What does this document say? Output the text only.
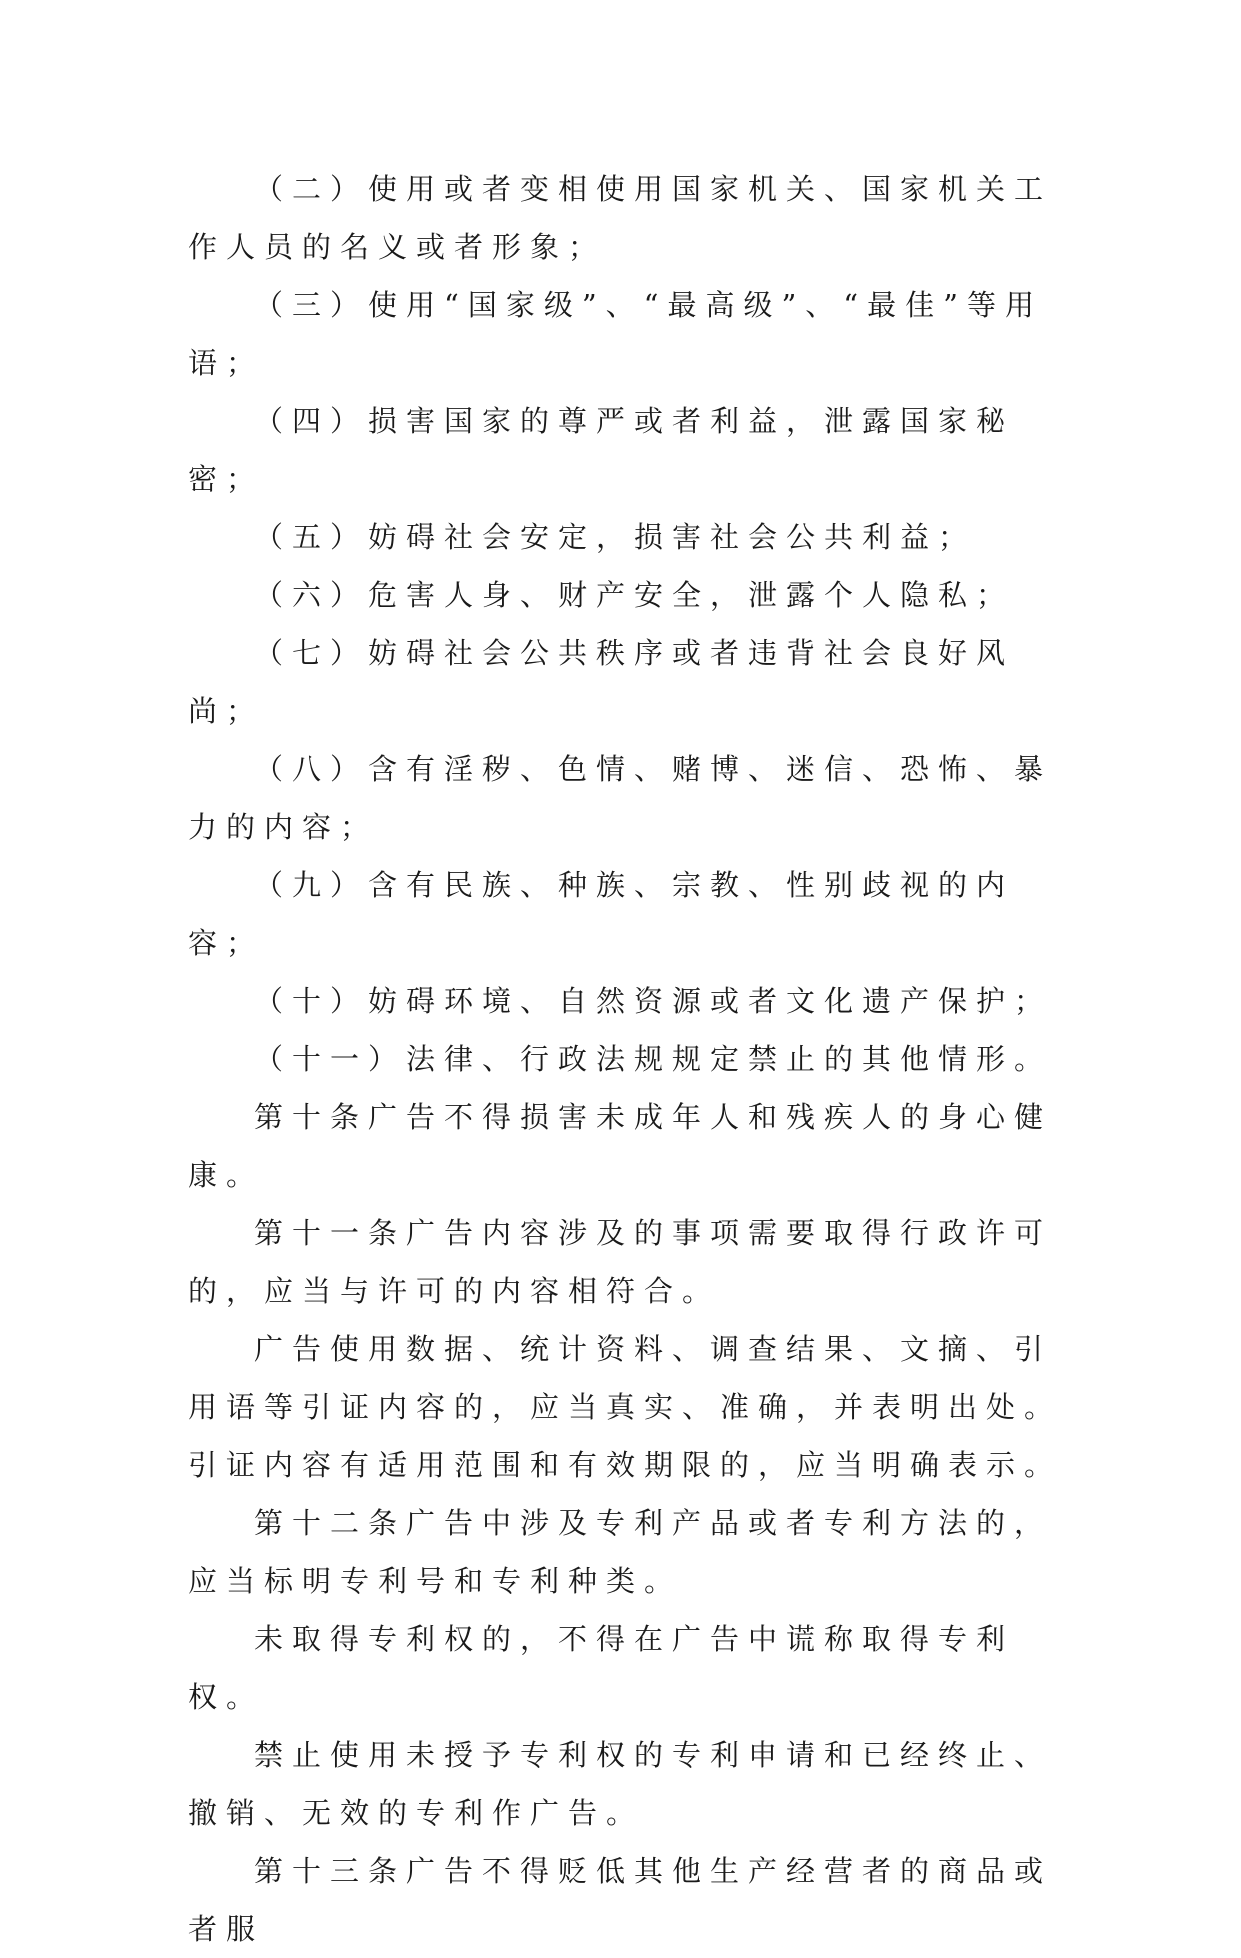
（二）使用或者变相使用国家机关、国家机关工作人员的名义或者形象；

（三）使用“国家级”、“最高级”、“最佳”等用语；

（四）损害国家的尊严或者利益，泄露国家秘密；

（五）妨碍社会安定，损害社会公共利益；

（六）危害人身、财产安全，泄露个人隐私；

（七）妨碍社会公共秩序或者违背社会良好风尚；

（八）含有淫秽、色情、赌博、迷信、恐怖、暴力的内容；

（九）含有民族、种族、宗教、性别歧视的内容；

（十）妨碍环境、自然资源或者文化遗产保护；

（十一）法律、行政法规规定禁止的其他情形。

第十条广告不得损害未成年人和残疾人的身心健康。

第十一条广告内容涉及的事项需要取得行政许可的，应当与许可的内容相符合。

广告使用数据、统计资料、调查结果、文摘、引用语等引证内容的，应当真实、准确，并表明出处。引证内容有适用范围和有效期限的，应当明确表示。

第十二条广告中涉及专利产品或者专利方法的，应当标明专利号和专利种类。

未取得专利权的，不得在广告中谎称取得专利权。

禁止使用未授予专利权的专利申请和已经终止、撤销、无效的专利作广告。

第十三条广告不得贬低其他生产经营者的商品或者服
